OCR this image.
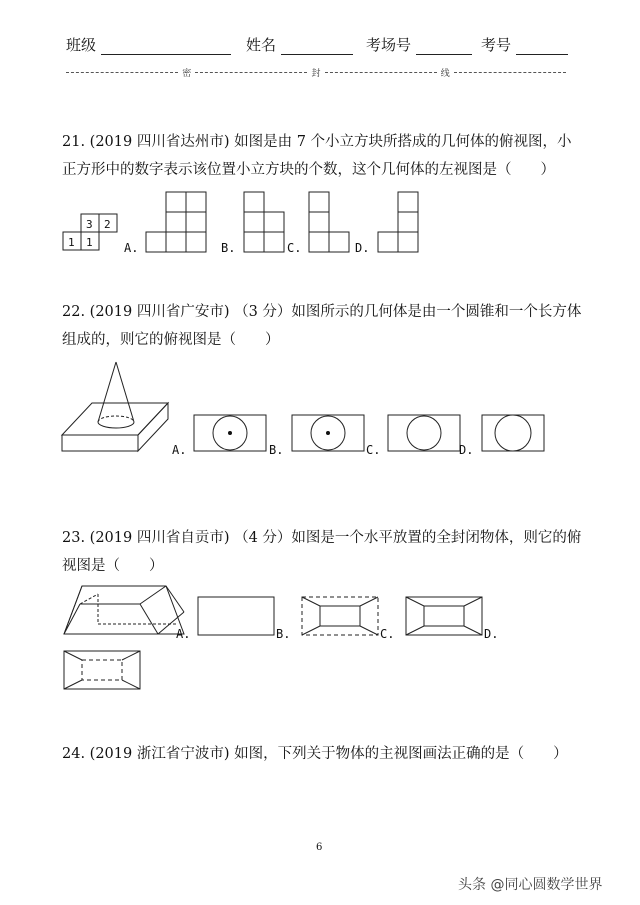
班级	姓名	考场号	考号
密	封	线
21. (2019 四川省达州市) 如图是由 7 个小立方块所搭成的几何体的俯视图，小正方形中的数字表示该位置小立方块的个数，这个几何体的左视图是（　　）
3 2
1 1	A.	B.	C.	D.
22. (2019 四川省广安市) （3 分）如图所示的几何体是由一个圆锥和一个长方体组成的，则它的俯视图是（　　）
A.	B.	C.	D.
23. (2019 四川省自贡市) （4 分）如图是一个水平放置的全封闭物体，则它的俯视图是（　　）
A.	B.	C.	D.
24. (2019 浙江省宁波市) 如图，下列关于物体的主视图画法正确的是（　　）
6
头条 @同心圆数学世界
